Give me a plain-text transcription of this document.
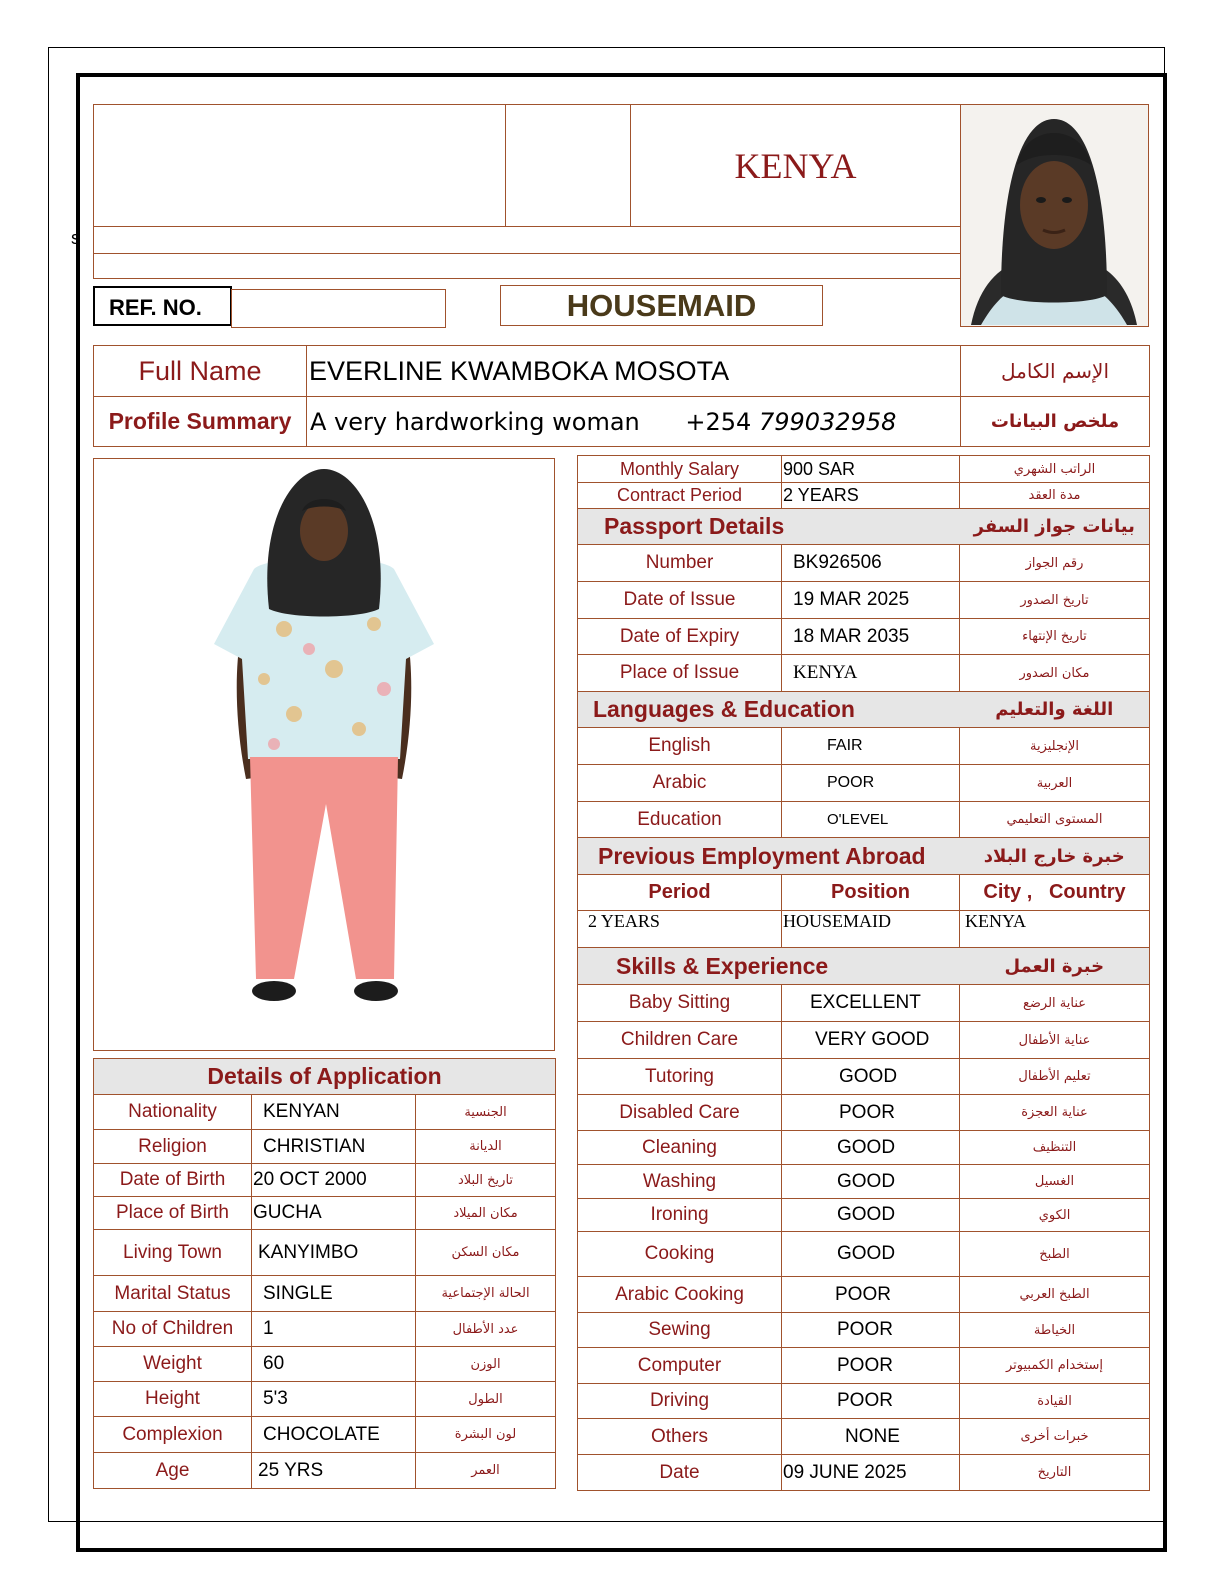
s
KENYA
REF. NO.	HOUSEMAID
Full Name	EVERLINE KWAMBOKA MOSOTA	الإسم الكامل
Profile Summary	A very hardworking woman +254 799032958	ملخص البيانات
Details of Application		
Nationality	KENYAN	الجنسية
Religion	CHRISTIAN	الديانة
Date of Birth	20 OCT 2000	تاريخ البلاد
Place of Birth	GUCHA	مكان الميلاد
Living Town	KANYIMBO	مكان السكن
Marital Status	SINGLE	الحالة الإجتماعية
No of Children	1	عدد الأطفال
Weight	60	الوزن
Height	5'3	الطول
Complexion	CHOCOLATE	لون البشرة
Age	25 YRS	العمر
Monthly Salary	900 SAR	الراتب الشهري
Contract Period	2 YEARS	مدة العقد
Passport Details		بيانات جواز السفر
Number	BK926506	رقم الجواز
Date of Issue	19 MAR 2025	تاريخ الصدور
Date of Expiry	18 MAR 2035	تاريخ الإنتهاء
Place of Issue	KENYA	مكان الصدور
Languages & Education		اللغة والتعليم
English	FAIR	الإنجليزية
Arabic	POOR	العربية
Education	O'LEVEL	المستوى التعليمي
Previous Employment Abroad		خبرة خارج البلاد
Period	Position	City ,   Country
2 YEARS	HOUSEMAID	KENYA
Skills & Experience		خبرة العمل
Baby Sitting	EXCELLENT	عناية الرضع
Children Care	VERY GOOD	عناية الأطفال
Tutoring	GOOD	تعليم الأطفال
Disabled Care	POOR	عناية العجزة
Cleaning	GOOD	التنظيف
Washing	GOOD	الغسيل
Ironing	GOOD	الكوي
Cooking	GOOD	الطبخ
Arabic Cooking	POOR	الطبخ العربي
Sewing	POOR	الخياطة
Computer	POOR	إستخدام الكمبيوتر
Driving	POOR	القيادة
Others	NONE	خبرات أخرى
Date	09 JUNE 2025	التاريخ
